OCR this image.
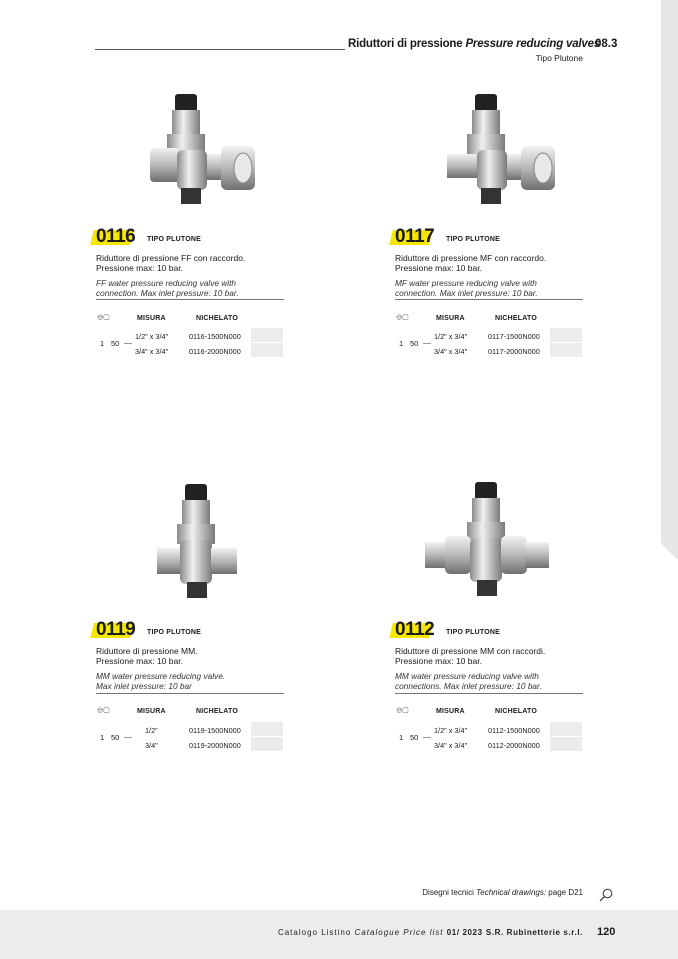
Riduttori di pressione Pressure reducing valves
08.3
Tipo Plutone
0116 TIPO PLUTONE
Riduttore di pressione FF con raccordo.
Pressione max: 10 bar.
FF water pressure reducing valve with
connection. Max inlet pressure: 10 bar.
⎊▢	MISURA	NICHELATO
1 50
1/2" x 3/4"	0116-1500N000
3/4" x 3/4"	0116-2000N000
0117 TIPO PLUTONE
Riduttore di pressione MF con raccordo.
Pressione max: 10 bar.
MF water pressure reducing valve with
connection. Max inlet pressure: 10 bar.
⎊▢	MISURA	NICHELATO
1 50
1/2" x 3/4"	0117-1500N000
3/4" x 3/4"	0117-2000N000
0119 TIPO PLUTONE
Riduttore di pressione MM.
Pressione max: 10 bar.
MM water pressure reducing valve.
Max inlet pressure: 10 bar
⎊▢	MISURA	NICHELATO
1 50
1/2"	0119-1500N000
3/4"	0119-2000N000
0112 TIPO PLUTONE
Riduttore di pressione MM con raccordi.
Pressione max: 10 bar.
MM water pressure reducing valve with
connections. Max inlet pressure: 10 bar.
⎊▢	MISURA	NICHELATO
1 50
1/2" x 3/4"	0112-1500N000
3/4" x 3/4"	0112-2000N000
Disegni tecnici Technical drawings: page D21
Catalogo Listino Catalogue Price list 01/ 2023 S.R. Rubinetterie s.r.l. 120
